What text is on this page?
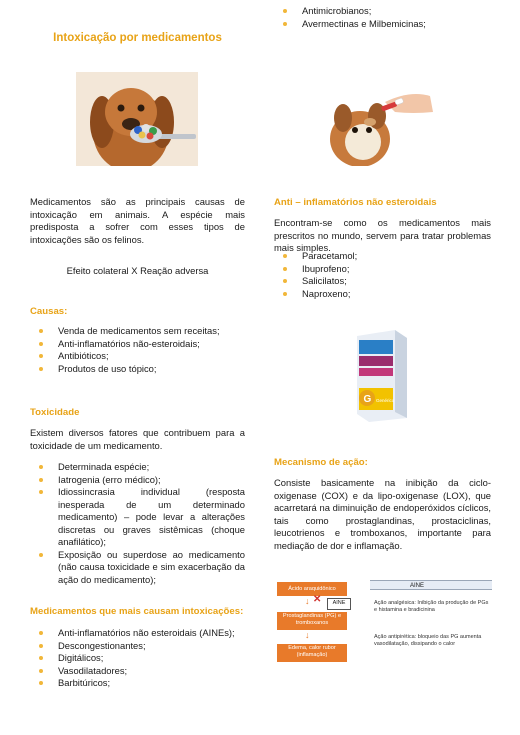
Intoxicação por medicamentos
Medicamentos são as principais causas de intoxicação em animais. A espécie mais predisposta a sofrer com esses tipos de intoxicações são os felinos.
Efeito colateral X Reação adversa
Causas:
Venda de medicamentos sem receitas;
Anti-inflamatórios não-esteroidais;
Antibióticos;
Produtos de uso tópico;
Toxicidade
Existem diversos fatores que contribuem para a toxicidade de um medicamento.
Determinada espécie;
Iatrogenia (erro médico);
Idiossincrasia individual (resposta inesperada de um determinado medicamento) – pode levar a alterações discretas ou graves sistêmicas (choque anafilático);
Exposição ou superdose ao medicamento (não causa toxicidade e sim exacerbação da ação do medicamento);
Medicamentos que mais causam intoxicações:
Anti-inflamatórios não esteroidais (AINEs);
Descongestionantes;
Digitálicos;
Vasodilatadores;
Barbitúricos;
Antimicrobianos;
Avermectinas e Milbemicinas;
Anti – inflamatórios não esteroidais
Encontram-se como os medicamentos mais prescritos no mundo, servem para tratar problemas mais simples.
Paracetamol;
Ibuprofeno;
Salicilatos;
Naproxeno;
G Genérico
Mecanismo de ação:
Consiste basicamente na inibição da ciclo-oxigenase (COX) e da lipo-oxigenase (LOX), que acarretará na diminuição de endoperóxidos cíclicos, tais como prostaglandinas, prostaciclinas, leucotrienos e tromboxanos, importante para mediação de dor e inflamação.
AINE
Ácido araquidônico
↓ ✕	AINE
Prostaglandinas (PG) e tromboxanos
↓
Edema, calor rubor (inflamação)
Ação analgésica: Inibição da produção de PGs e histamina e bradicinina
Ação antipirética: bloqueio das PG aumenta vasodilatação, dissipando o calor
